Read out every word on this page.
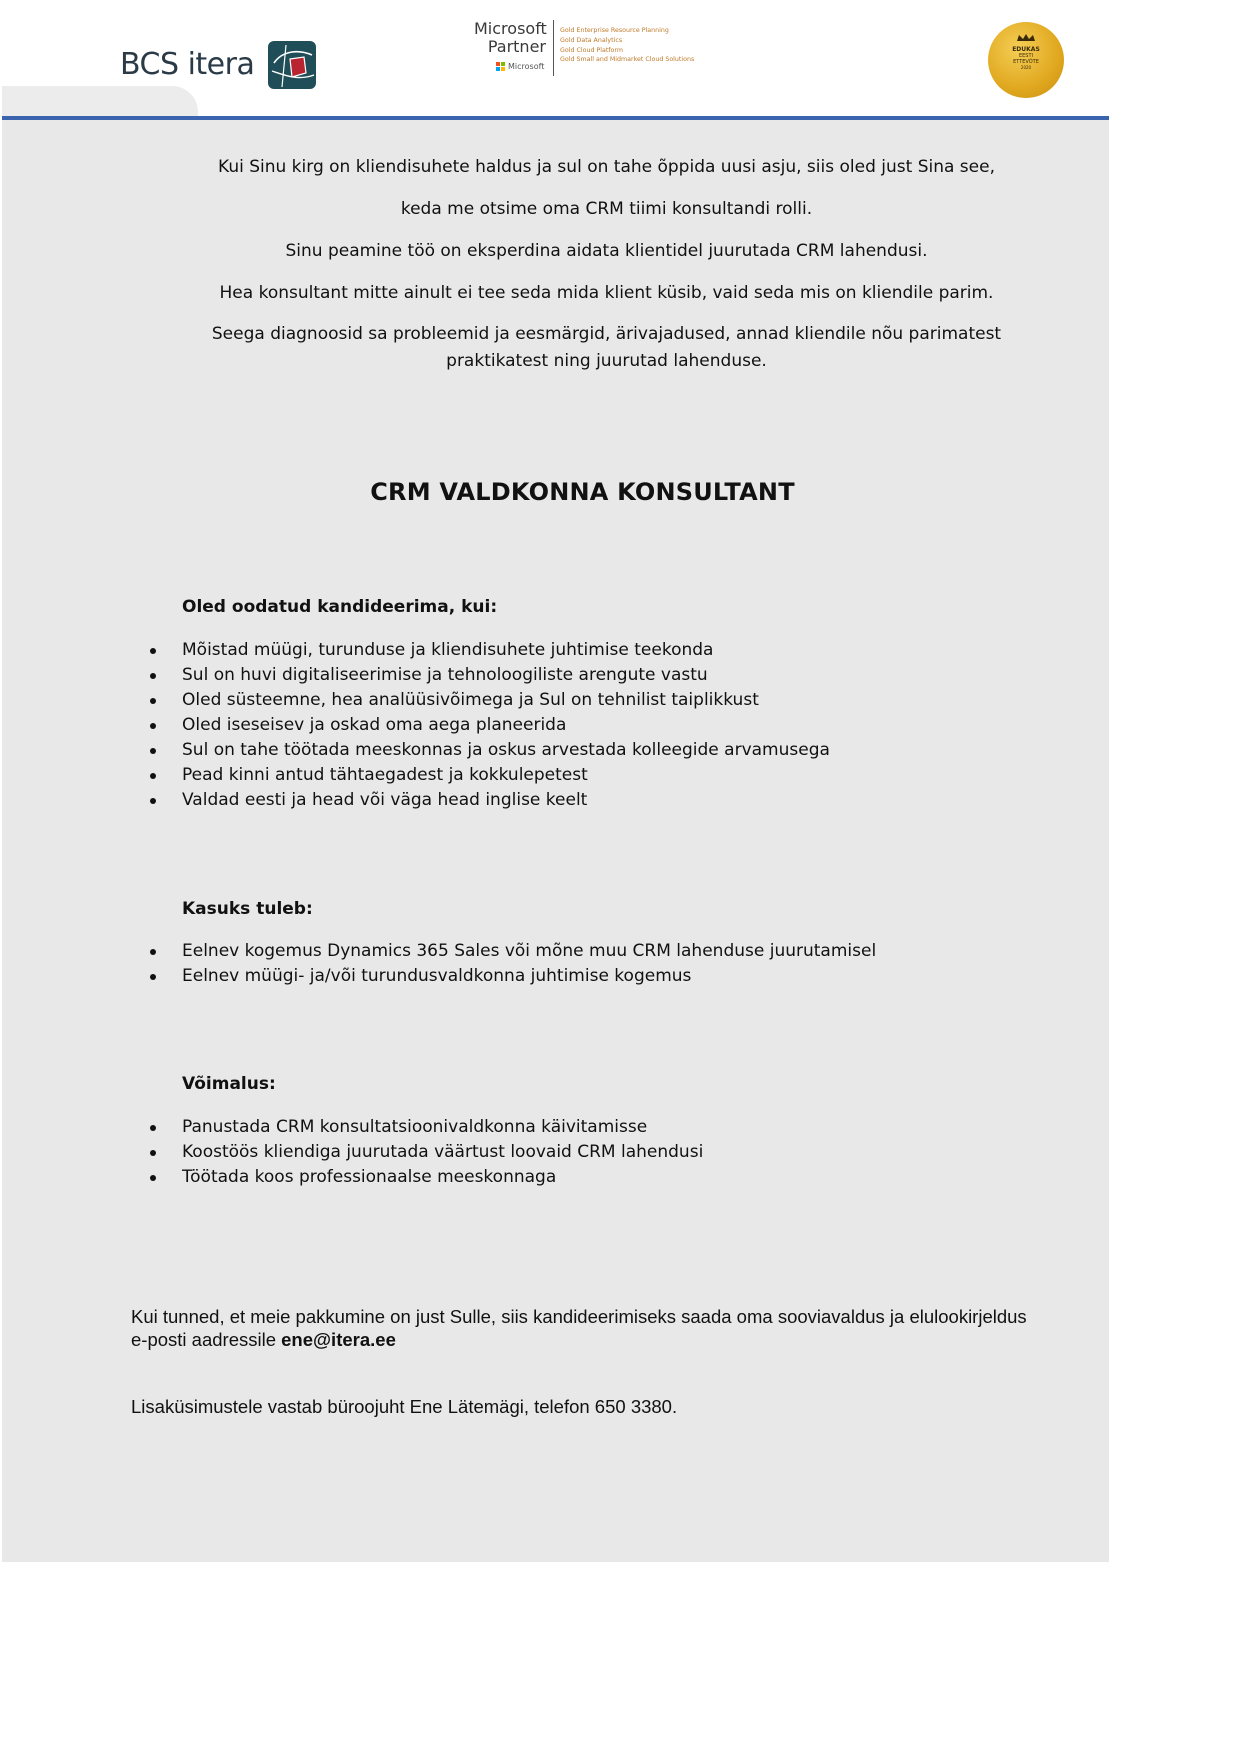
BCS itera
Microsoft
Partner
Microsoft
Gold Enterprise Resource Planning
Gold Data Analytics
Gold Cloud Platform
Gold Small and Midmarket Cloud Solutions
EDUKAS
EESTI
ETTEVÕTE
2020
Kui Sinu kirg on kliendisuhete haldus ja sul on tahe õppida uusi asju, siis oled just Sina see,
keda me otsime oma CRM tiimi konsultandi rolli.
Sinu peamine töö on eksperdina aidata klientidel juurutada CRM lahendusi.
Hea konsultant mitte ainult ei tee seda mida klient küsib, vaid seda mis on kliendile parim.
Seega diagnoosid sa probleemid ja eesmärgid, ärivajadused, annad kliendile nõu parimatest praktikatest ning juurutad lahenduse.
CRM VALDKONNA KONSULTANT
Oled oodatud kandideerima, kui:
Mõistad müügi, turunduse ja kliendisuhete juhtimise teekonda
Sul on huvi digitaliseerimise ja tehnoloogiliste arengute vastu
Oled süsteemne, hea analüüsivõimega ja Sul on tehnilist taiplikkust
Oled iseseisev ja oskad oma aega planeerida
Sul on tahe töötada meeskonnas ja oskus arvestada kolleegide arvamusega
Pead kinni antud tähtaegadest ja kokkulepetest
Valdad eesti ja head või väga head inglise keelt
Kasuks tuleb:
Eelnev kogemus Dynamics 365 Sales või mõne muu CRM lahenduse juurutamisel
Eelnev müügi- ja/või turundusvaldkonna juhtimise kogemus
Võimalus:
Panustada CRM konsultatsioonivaldkonna käivitamisse
Koostöös kliendiga juurutada väärtust loovaid CRM lahendusi
Töötada koos professionaalse meeskonnaga
Kui tunned, et meie pakkumine on just Sulle, siis kandideerimiseks saada oma sooviavaldus ja elulookirjeldus
e-posti aadressile ene@itera.ee
Lisaküsimustele vastab büroojuht Ene Lätemägi, telefon 650 3380.
